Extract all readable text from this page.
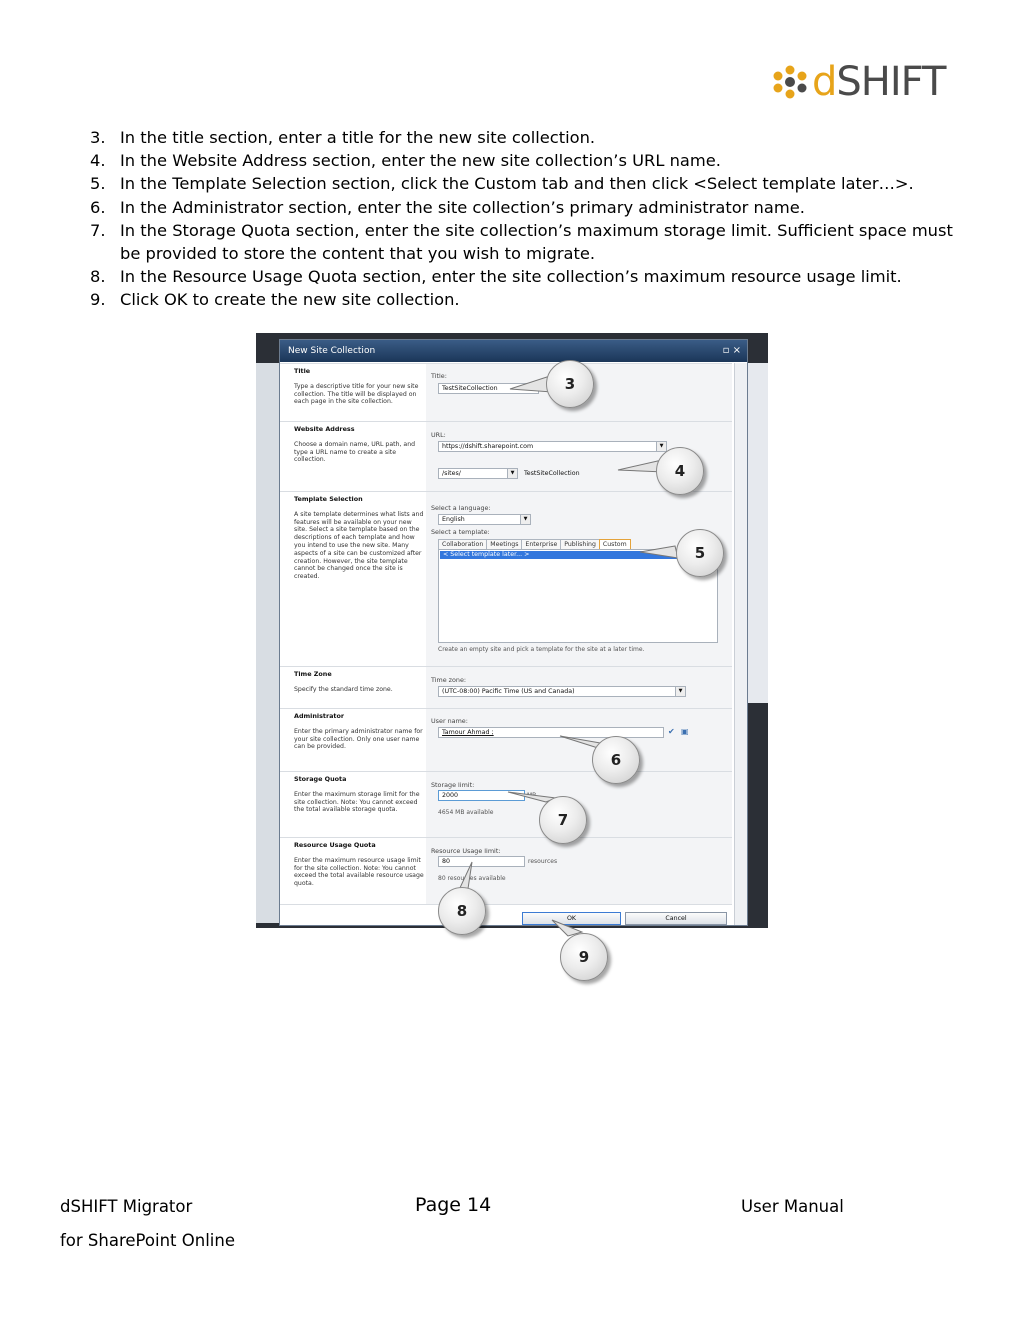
dSHIFT
3. In the title section, enter a title for the new site collection.
4. In the Website Address section, enter the new site collection’s URL name.
5. In the Template Selection section, click the Custom tab and then click <Select template later…>.
6. In the Administrator section, enter the site collection’s primary administrator name.
7. In the Storage Quota section, enter the site collection’s maximum storage limit. Sufficient space must be provided to store the content that you wish to migrate.
8. In the Resource Usage Quota section, enter the site collection’s maximum resource usage limit.
9. Click OK to create the new site collection.
New Site Collection	▫ ×
Title
Type a descriptive title for your new site collection. The title will be displayed on each page in the site collection.
Title:
TestSiteCollection
Website Address
Choose a domain name, URL path, and type a URL name to create a site collection.
URL:
https://dshift.sharepoint.com	▼
/sites/	▼	TestSiteCollection
Template Selection
A site template determines what lists and features will be available on your new site. Select a site template based on the descriptions of each template and how you intend to use the new site. Many aspects of a site can be customized after creation. However, the site template cannot be changed once the site is created.
Select a language:
English	▼
Select a template:
Collaboration Meetings Enterprise Publishing Custom
< Select template later... >
Create an empty site and pick a template for the site at a later time.
Time Zone
Specify the standard time zone.
Time zone:
(UTC-08:00) Pacific Time (US and Canada)	▼
Administrator
Enter the primary administrator name for your site collection. Only one user name can be provided.
User name:
Tamour Ahmad ;	✔ ▣
Storage Quota
Enter the maximum storage limit for the site collection. Note: You cannot exceed the total available storage quota.
Storage limit:
2000
4654 MB available
Resource Usage Quota
Enter the maximum resource usage limit for the site collection. Note: You cannot exceed the total available resource usage quota.
Resource Usage limit:
80	resources
80 resources available
OK	Cancel
3
4
5
6
7
8
9
dSHIFT Migrator
for SharePoint Online
Page 14	User Manual
